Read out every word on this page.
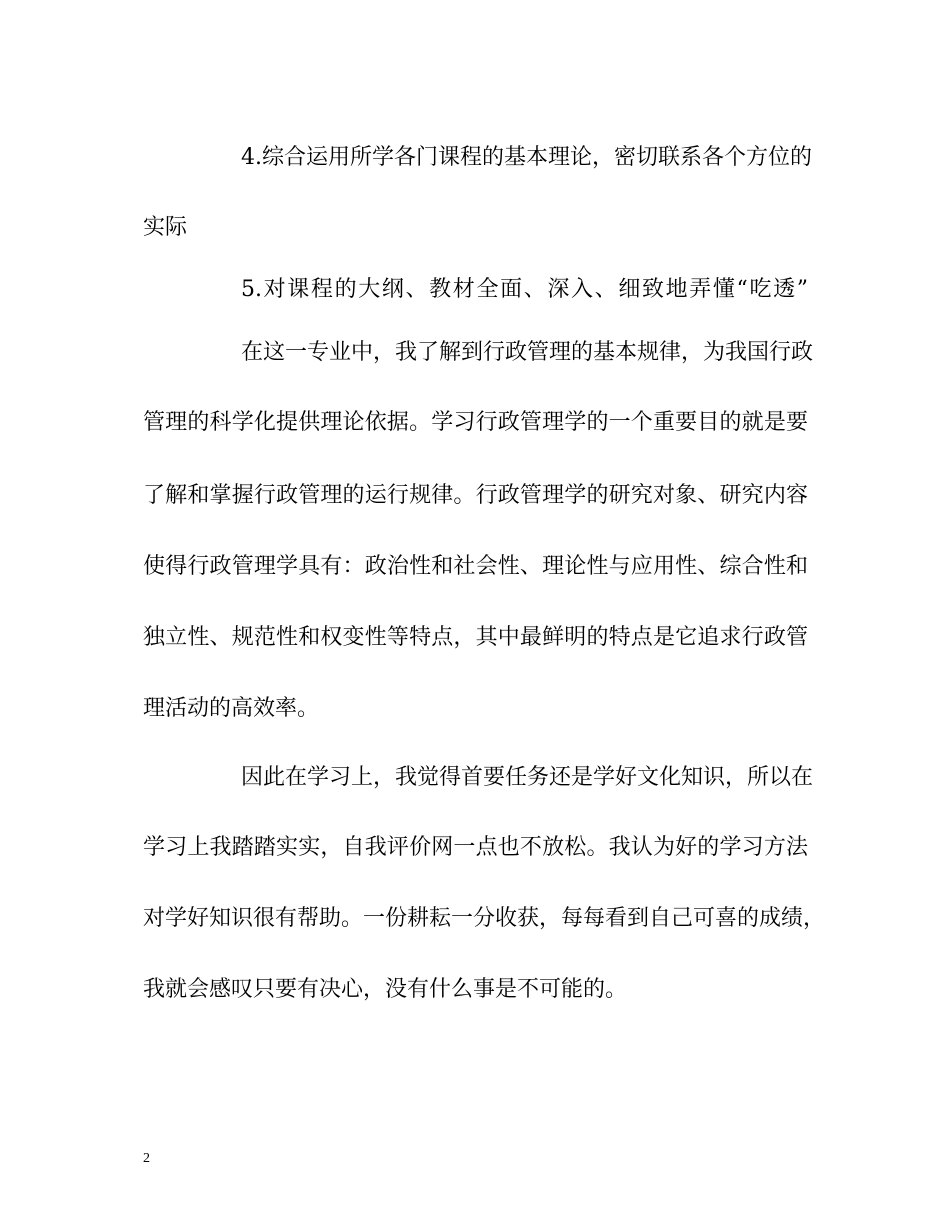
4.综合运用所学各门课程的基本理论，密切联系各个方位的
实际
5.对课程的大纲、教材全面、深入、细致地弄懂“吃透”
在这一专业中，我了解到行政管理的基本规律，为我国行政
管理的科学化提供理论依据。学习行政管理学的一个重要目的就是要
了解和掌握行政管理的运行规律。行政管理学的研究对象、研究内容
使得行政管理学具有：政治性和社会性、理论性与应用性、综合性和
独立性、规范性和权变性等特点，其中最鲜明的特点是它追求行政管
理活动的高效率。
因此在学习上，我觉得首要任务还是学好文化知识，所以在
学习上我踏踏实实，自我评价网一点也不放松。我认为好的学习方法
对学好知识很有帮助。一份耕耘一分收获，每每看到自己可喜的成绩，
我就会感叹只要有决心，没有什么事是不可能的。
2
